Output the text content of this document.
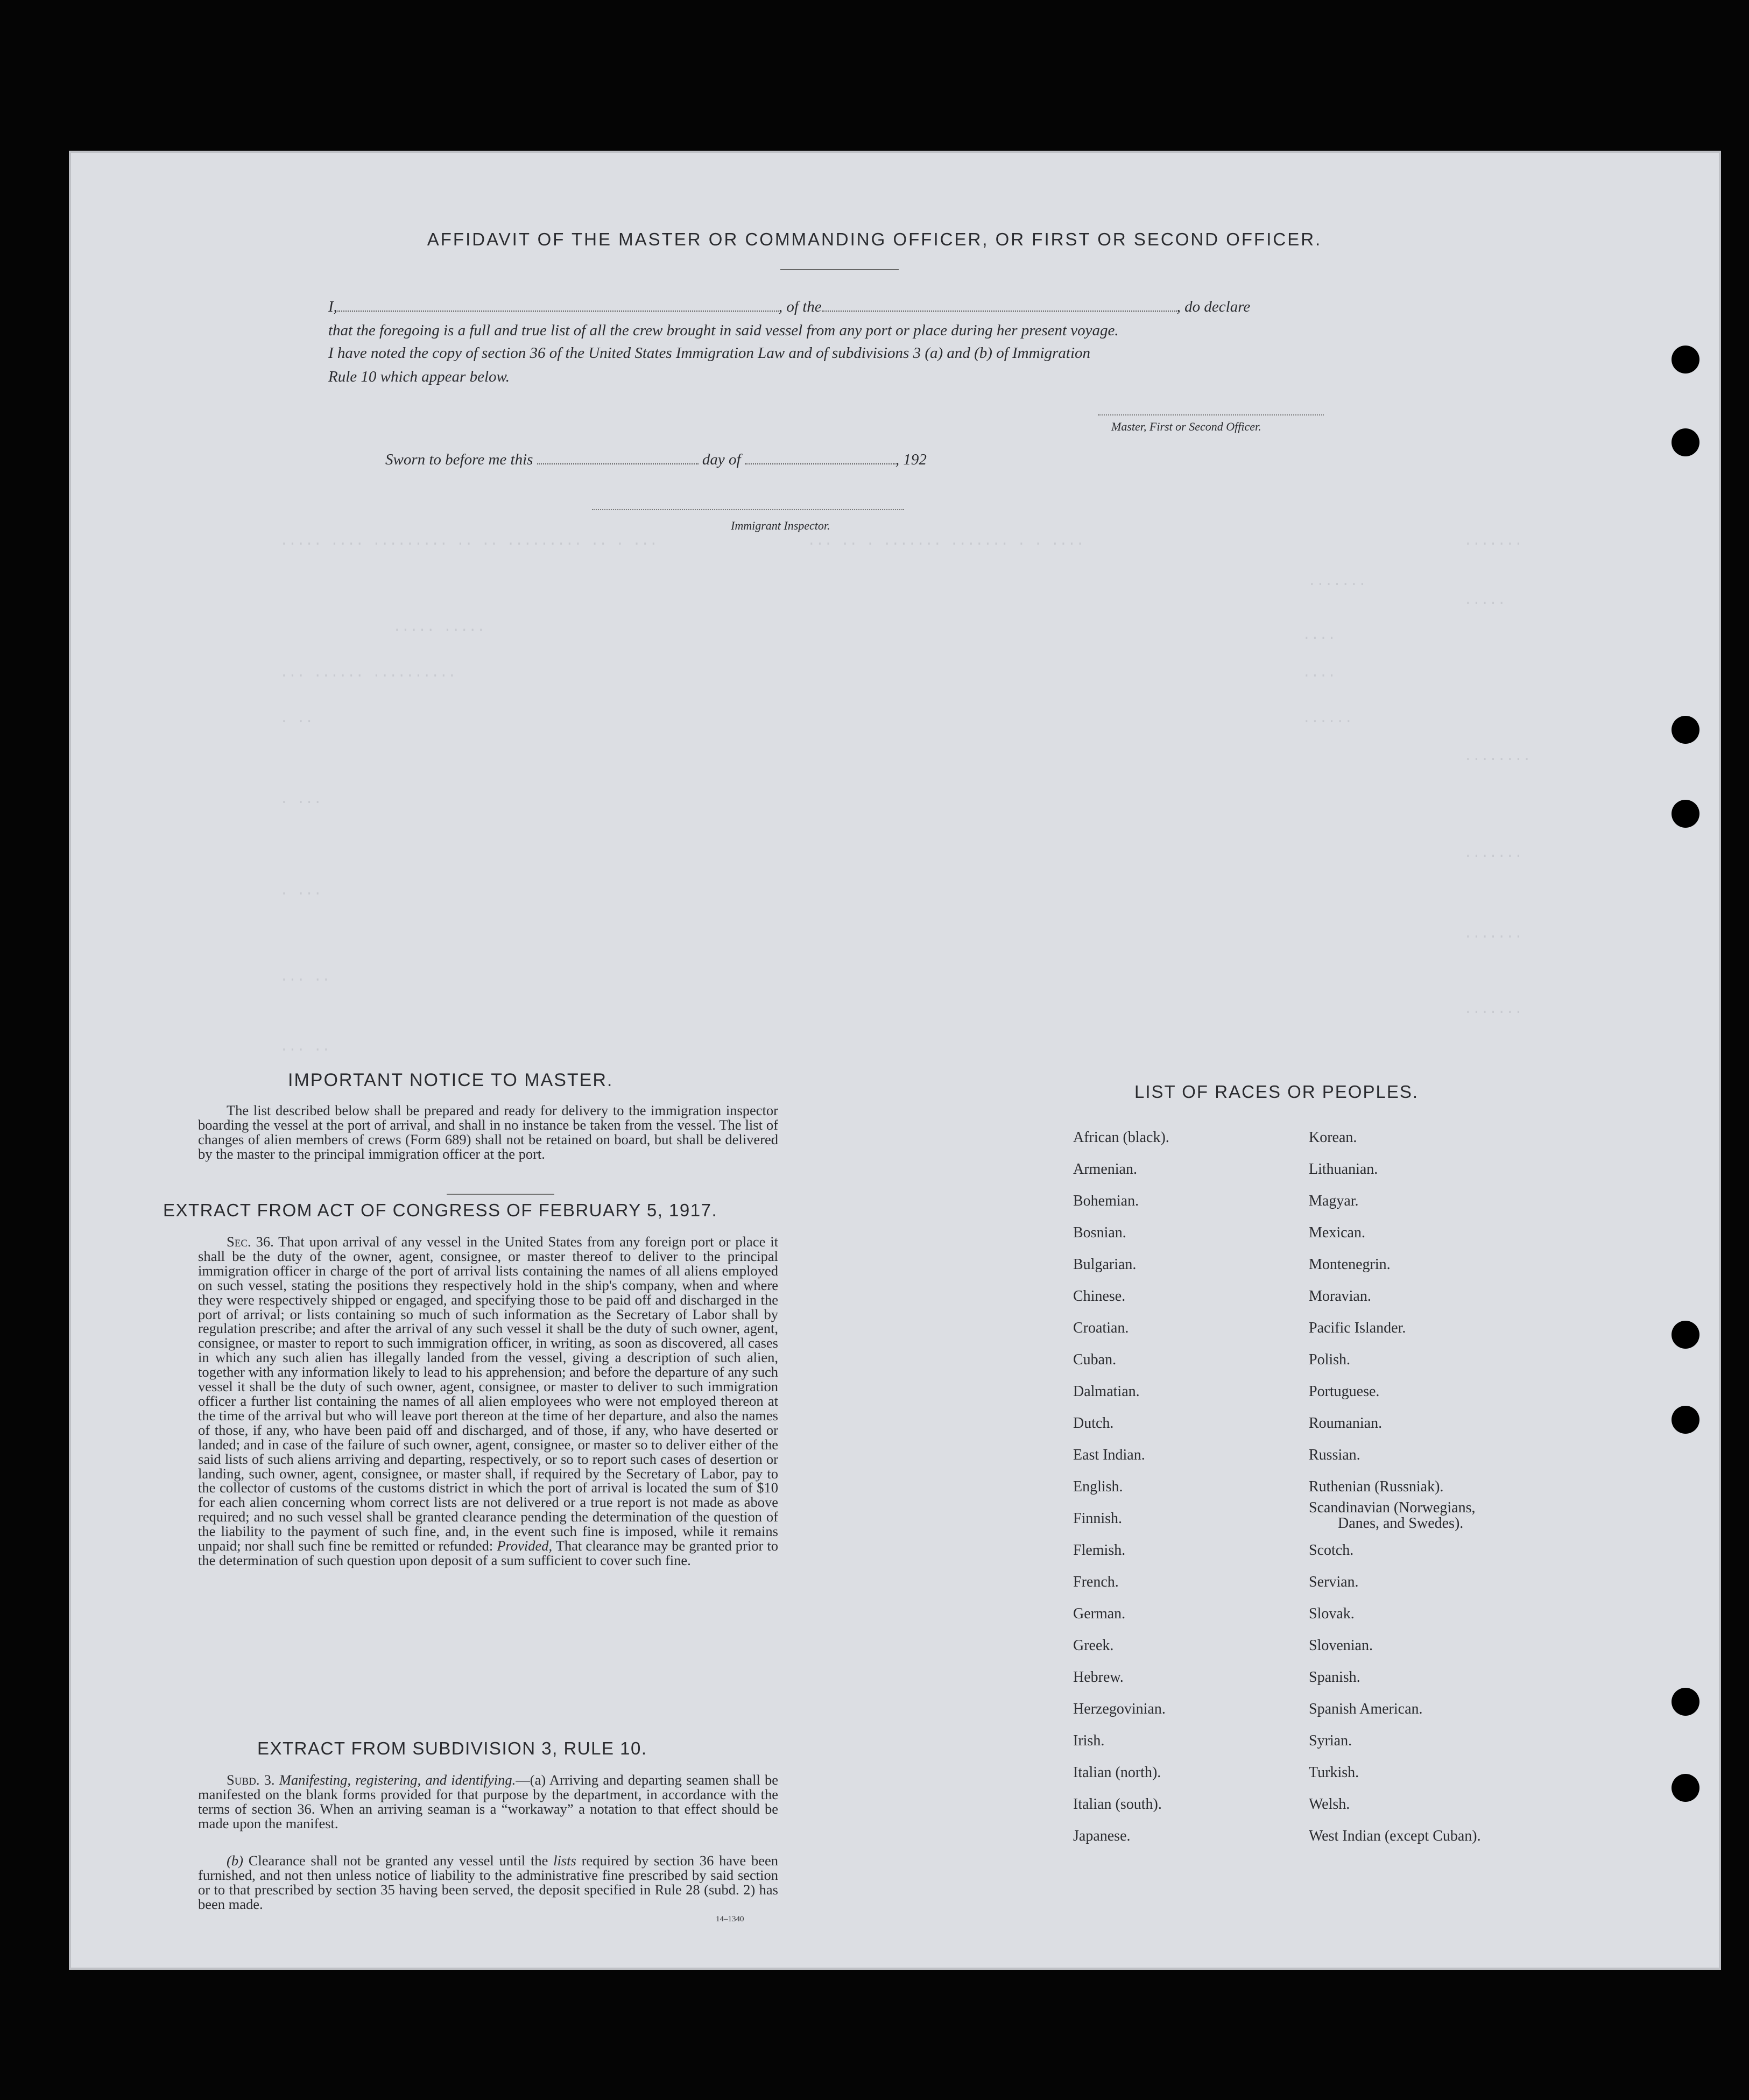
..... .... ......... .. .. ......... .. . ...	... .. . ....... ....... . . ....	.......
.......
.....
..... .....
... ...... ..........
....
....
. ..	......
........
. ...
.......
. ...
.......
... ..
.......
... ..
AFFIDAVIT OF THE MASTER OR COMMANDING OFFICER, OR FIRST OR SECOND OFFICER.
I,	, of the	, do declare
that the foregoing is a full and true list of all the crew brought in said vessel from any port or place during her present voyage.
I have noted the copy of section 36 of the United States Immigration Law and of subdivisions 3 (a) and (b) of Immigration
Rule 10 which appear below.
Master, First or Second Officer.
Sworn to before me this	day of	, 192
Immigrant Inspector.
IMPORTANT NOTICE TO MASTER.
The list described below shall be prepared and ready for delivery to the immigration inspector boarding the vessel at the port of arrival, and shall in no instance be taken from the vessel. The list of changes of alien members of crews (Form 689) shall not be retained on board, but shall be delivered by the master to the principal immigration officer at the port.
EXTRACT FROM ACT OF CONGRESS OF FEBRUARY 5, 1917.
Sec. 36. That upon arrival of any vessel in the United States from any foreign port or place it shall be the duty of the owner, agent, consignee, or master thereof to deliver to the principal immigration officer in charge of the port of arrival lists containing the names of all aliens employed on such vessel, stating the positions they respectively hold in the ship's company, when and where they were respectively shipped or engaged, and specifying those to be paid off and discharged in the port of arrival; or lists containing so much of such information as the Secretary of Labor shall by regulation prescribe; and after the arrival of any such vessel it shall be the duty of such owner, agent, consignee, or master to report to such immigration officer, in writing, as soon as discovered, all cases in which any such alien has illegally landed from the vessel, giving a description of such alien, together with any information likely to lead to his apprehension; and before the departure of any such vessel it shall be the duty of such owner, agent, consignee, or master to deliver to such immigration officer a further list containing the names of all alien employees who were not employed thereon at the time of the arrival but who will leave port thereon at the time of her departure, and also the names of those, if any, who have been paid off and discharged, and of those, if any, who have deserted or landed; and in case of the failure of such owner, agent, consignee, or master so to deliver either of the said lists of such aliens arriving and departing, respectively, or so to report such cases of desertion or landing, such owner, agent, consignee, or master shall, if required by the Secretary of Labor, pay to the collector of customs of the customs district in which the port of arrival is located the sum of $10 for each alien concerning whom correct lists are not delivered or a true report is not made as above required; and no such vessel shall be granted clearance pending the determination of the question of the liability to the payment of such fine, and, in the event such fine is imposed, while it remains unpaid; nor shall such fine be remitted or refunded: Provided, That clearance may be granted prior to the determination of such question upon deposit of a sum sufficient to cover such fine.
EXTRACT FROM SUBDIVISION 3, RULE 10.
Subd. 3. Manifesting, registering, and identifying.—(a) Arriving and departing seamen shall be manifested on the blank forms provided for that purpose by the department, in accordance with the terms of section 36. When an arriving seaman is a “workaway” a notation to that effect should be made upon the manifest.
(b) Clearance shall not be granted any vessel until the lists required by section 36 have been furnished, and not then unless notice of liability to the administrative fine prescribed by said section or to that prescribed by section 35 having been served, the deposit specified in Rule 28 (subd. 2) has been made.
14–1340
LIST OF RACES OR PEOPLES.
African (black).
Armenian.
Bohemian.
Bosnian.
Bulgarian.
Chinese.
Croatian.
Cuban.
Dalmatian.
Dutch.
East Indian.
English.
Finnish.
Flemish.
French.
German.
Greek.
Hebrew.
Herzegovinian.
Irish.
Italian (north).
Italian (south).
Japanese.
Korean.
Lithuanian.
Magyar.
Mexican.
Montenegrin.
Moravian.
Pacific Islander.
Polish.
Portuguese.
Roumanian.
Russian.
Ruthenian (Russniak).
Scandinavian (Norwegians,
Danes, and Swedes).
Scotch.
Servian.
Slovak.
Slovenian.
Spanish.
Spanish American.
Syrian.
Turkish.
Welsh.
West Indian (except Cuban).
